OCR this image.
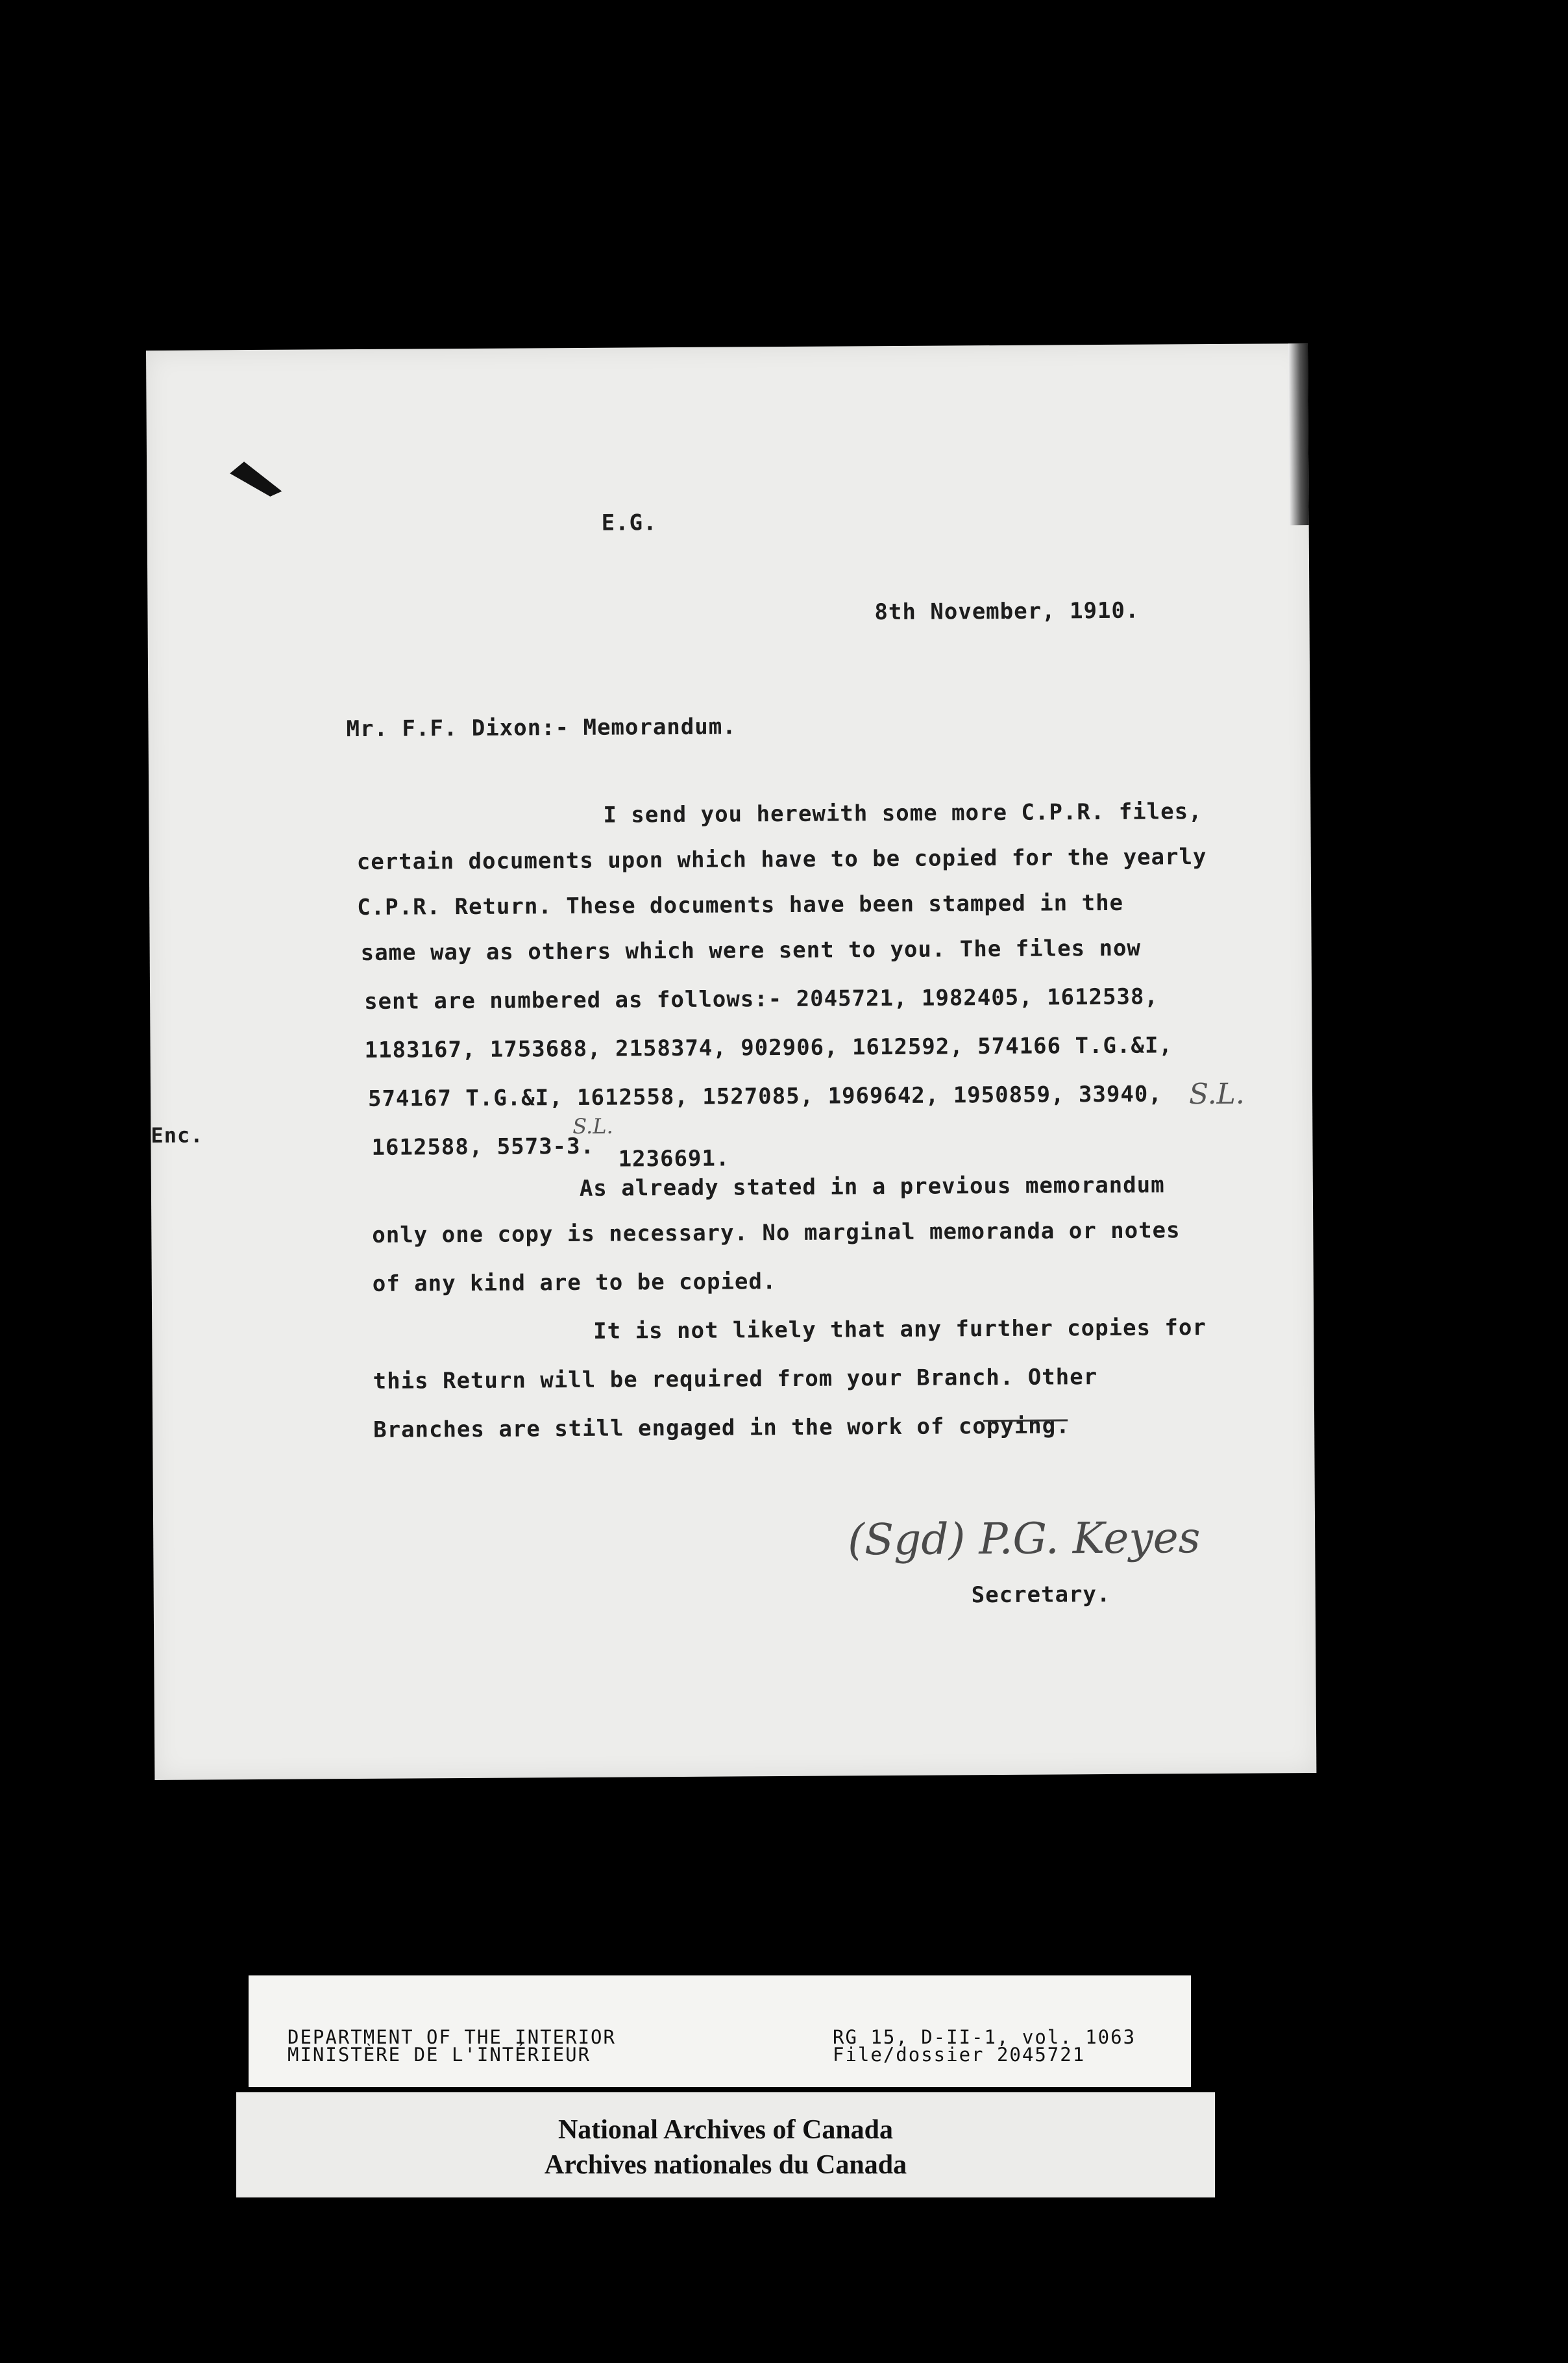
E.G.
8th November, 1910.
Mr. F.F. Dixon:- Memorandum.
I send you herewith some more C.P.R. files,
certain documents upon which have to be copied for the yearly
C.P.R. Return. These documents have been stamped in the
same way as others which were sent to you. The files now
sent are numbered as follows:- 2045721, 1982405, 1612538,
1183167, 1753688, 2158374, 902906, 1612592, 574166 T.G.&I,
574167 T.G.&I, 1612558, 1527085, 1969642, 1950859, 33940,
1612588, 5573-3. 1236691.
As already stated in a previous memorandum
only one copy is necessary. No marginal memoranda or notes
of any kind are to be copied.
It is not likely that any further copies for
this Return will be required from your Branch. Other
Branches are still engaged in the work of copying.
Enc.
S.L.
S.L.
(Sgd) P.G. Keyes
Secretary.
DEPARTMENT OF THE INTERIOR
MINISTÈRE DE L'INTÉRIEUR
RG 15, D-II-1, vol. 1063
File/dossier 2045721
National Archives of Canada
Archives nationales du Canada
